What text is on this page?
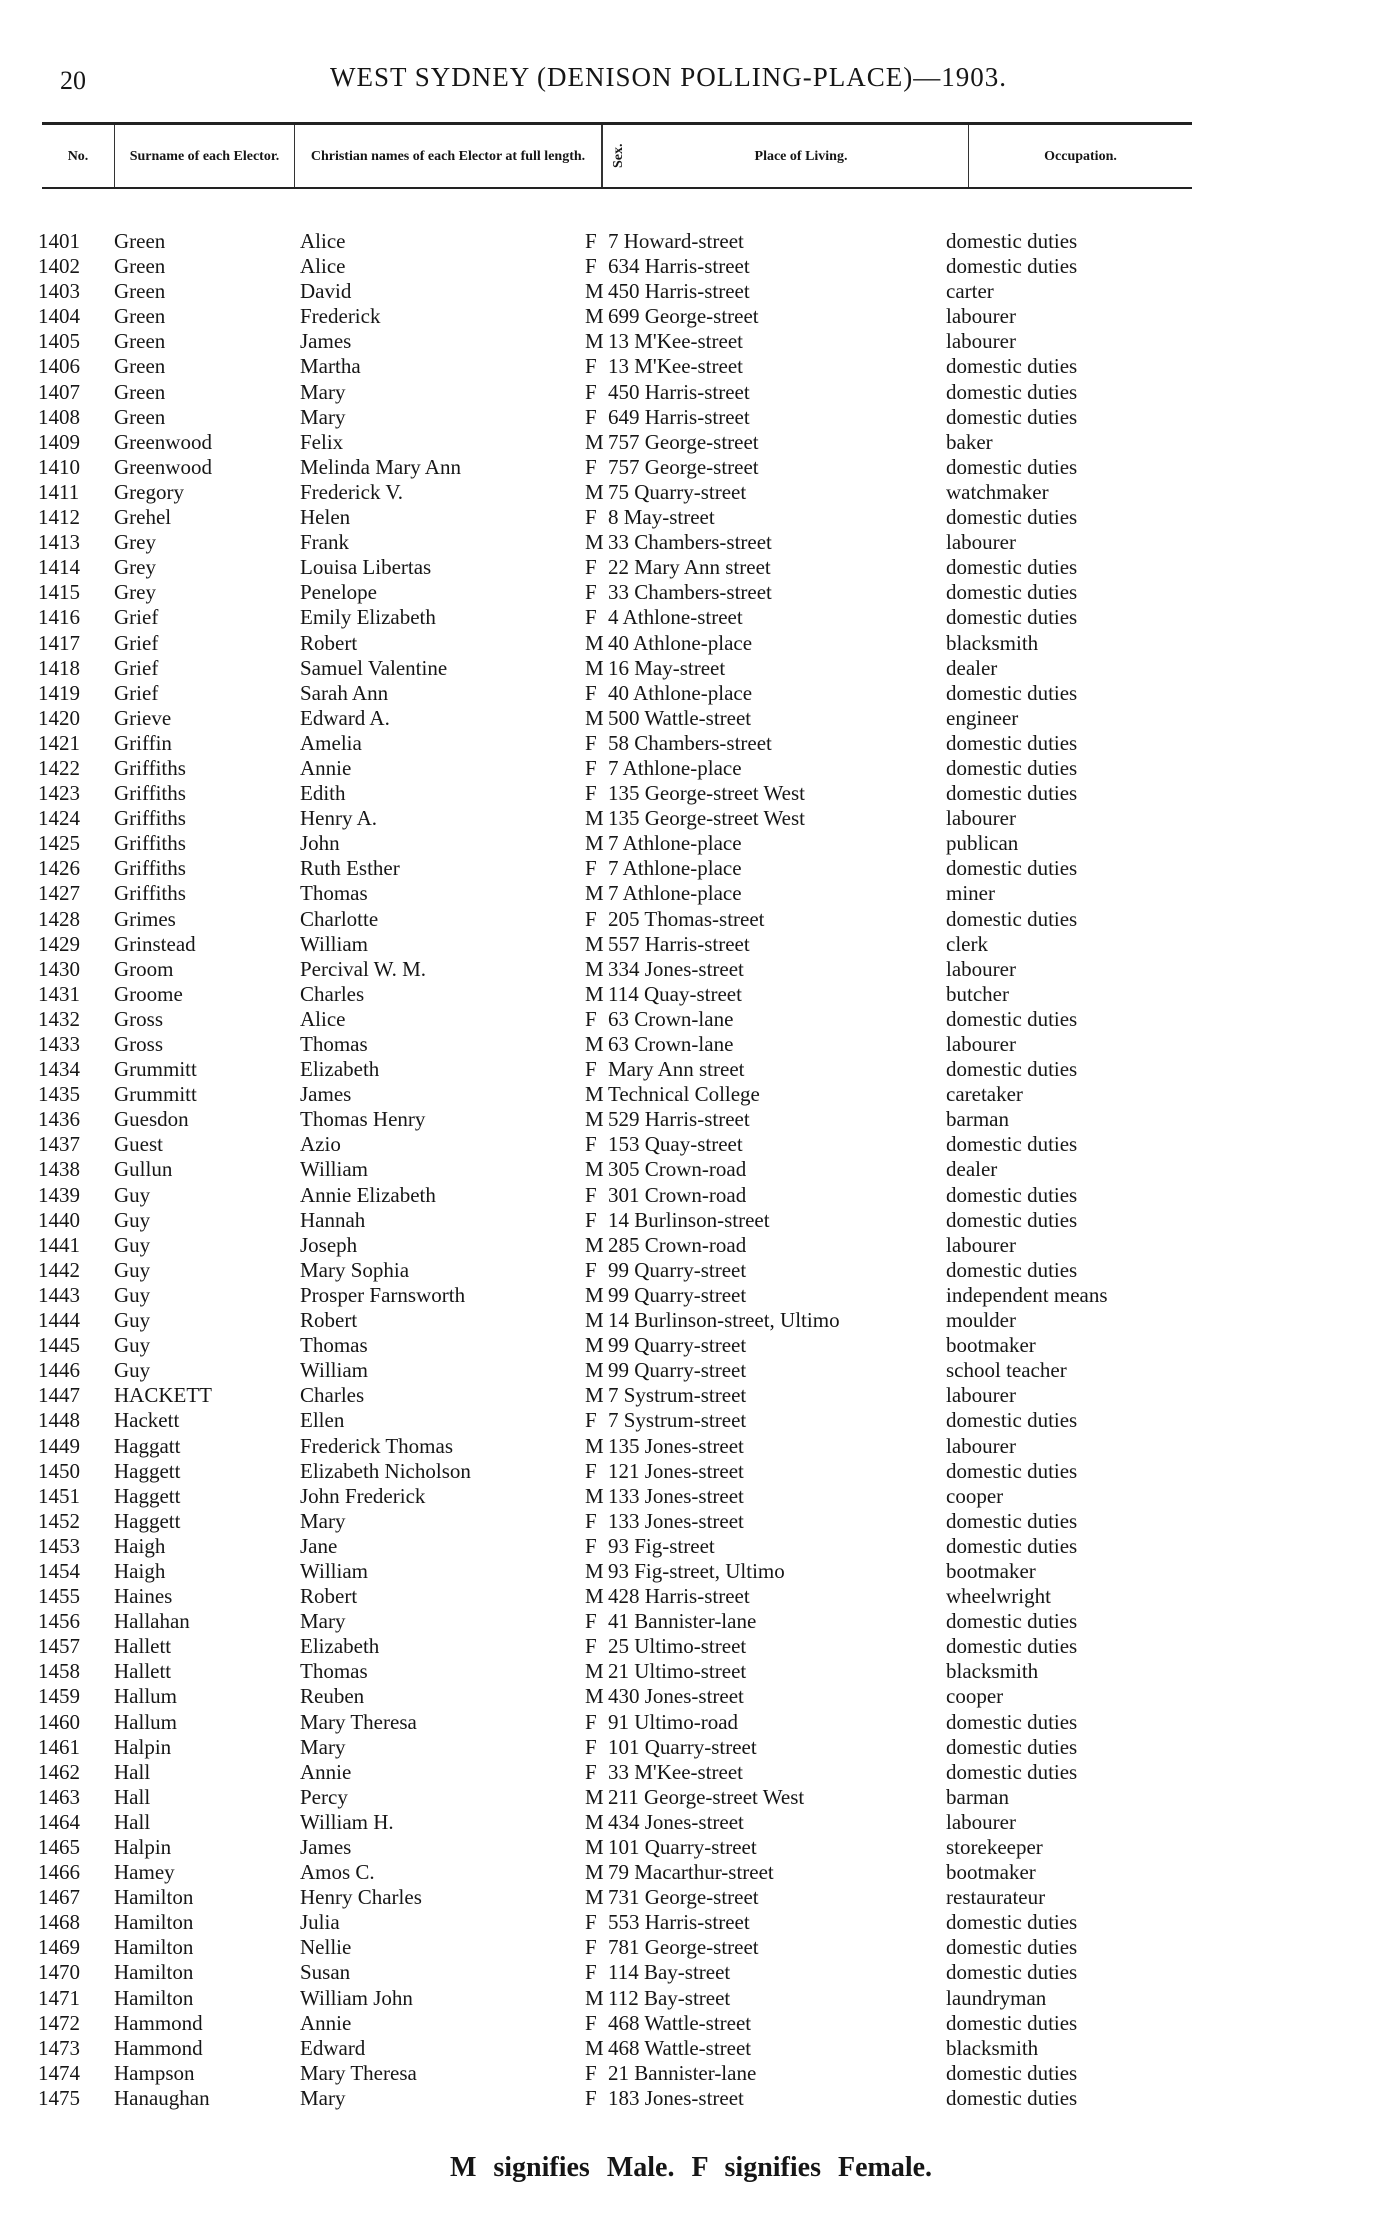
20	WEST SYDNEY (DENISON POLLING-PLACE)—1903.
No.	Surname of each Elector.	Christian names of each Elector at full length.	Sex.	Place of Living.	Occupation.
1401	Green	Alice	F 7 Howard-street	domestic duties
1402	Green	Alice	F 634 Harris-street	domestic duties
1403	Green	David	M 450 Harris-street	carter
1404	Green	Frederick	M 699 George-street	labourer
1405	Green	James	M 13 M'Kee-street	labourer
1406	Green	Martha	F 13 M'Kee-street	domestic duties
1407	Green	Mary	F 450 Harris-street	domestic duties
1408	Green	Mary	F 649 Harris-street	domestic duties
1409	Greenwood	Felix	M 757 George-street	baker
1410	Greenwood	Melinda Mary Ann	F 757 George-street	domestic duties
1411	Gregory	Frederick V.	M 75 Quarry-street	watchmaker
1412	Grehel	Helen	F 8 May-street	domestic duties
1413	Grey	Frank	M 33 Chambers-street	labourer
1414	Grey	Louisa Libertas	F 22 Mary Ann street	domestic duties
1415	Grey	Penelope	F 33 Chambers-street	domestic duties
1416	Grief	Emily Elizabeth	F 4 Athlone-street	domestic duties
1417	Grief	Robert	M 40 Athlone-place	blacksmith
1418	Grief	Samuel Valentine	M 16 May-street	dealer
1419	Grief	Sarah Ann	F 40 Athlone-place	domestic duties
1420	Grieve	Edward A.	M 500 Wattle-street	engineer
1421	Griffin	Amelia	F 58 Chambers-street	domestic duties
1422	Griffiths	Annie	F 7 Athlone-place	domestic duties
1423	Griffiths	Edith	F 135 George-street West	domestic duties
1424	Griffiths	Henry A.	M 135 George-street West	labourer
1425	Griffiths	John	M 7 Athlone-place	publican
1426	Griffiths	Ruth Esther	F 7 Athlone-place	domestic duties
1427	Griffiths	Thomas	M 7 Athlone-place	miner
1428	Grimes	Charlotte	F 205 Thomas-street	domestic duties
1429	Grinstead	William	M 557 Harris-street	clerk
1430	Groom	Percival W. M.	M 334 Jones-street	labourer
1431	Groome	Charles	M 114 Quay-street	butcher
1432	Gross	Alice	F 63 Crown-lane	domestic duties
1433	Gross	Thomas	M 63 Crown-lane	labourer
1434	Grummitt	Elizabeth	F Mary Ann street	domestic duties
1435	Grummitt	James	M Technical College	caretaker
1436	Guesdon	Thomas Henry	M 529 Harris-street	barman
1437	Guest	Azio	F 153 Quay-street	domestic duties
1438	Gullun	William	M 305 Crown-road	dealer
1439	Guy	Annie Elizabeth	F 301 Crown-road	domestic duties
1440	Guy	Hannah	F 14 Burlinson-street	domestic duties
1441	Guy	Joseph	M 285 Crown-road	labourer
1442	Guy	Mary Sophia	F 99 Quarry-street	domestic duties
1443	Guy	Prosper Farnsworth	M 99 Quarry-street	independent means
1444	Guy	Robert	M 14 Burlinson-street, Ultimo	moulder
1445	Guy	Thomas	M 99 Quarry-street	bootmaker
1446	Guy	William	M 99 Quarry-street	school teacher
1447	HACKETT	Charles	M 7 Systrum-street	labourer
1448	Hackett	Ellen	F 7 Systrum-street	domestic duties
1449	Haggatt	Frederick Thomas	M 135 Jones-street	labourer
1450	Haggett	Elizabeth Nicholson	F 121 Jones-street	domestic duties
1451	Haggett	John Frederick	M 133 Jones-street	cooper
1452	Haggett	Mary	F 133 Jones-street	domestic duties
1453	Haigh	Jane	F 93 Fig-street	domestic duties
1454	Haigh	William	M 93 Fig-street, Ultimo	bootmaker
1455	Haines	Robert	M 428 Harris-street	wheelwright
1456	Hallahan	Mary	F 41 Bannister-lane	domestic duties
1457	Hallett	Elizabeth	F 25 Ultimo-street	domestic duties
1458	Hallett	Thomas	M 21 Ultimo-street	blacksmith
1459	Hallum	Reuben	M 430 Jones-street	cooper
1460	Hallum	Mary Theresa	F 91 Ultimo-road	domestic duties
1461	Halpin	Mary	F 101 Quarry-street	domestic duties
1462	Hall	Annie	F 33 M'Kee-street	domestic duties
1463	Hall	Percy	M 211 George-street West	barman
1464	Hall	William H.	M 434 Jones-street	labourer
1465	Halpin	James	M 101 Quarry-street	storekeeper
1466	Hamey	Amos C.	M 79 Macarthur-street	bootmaker
1467	Hamilton	Henry Charles	M 731 George-street	restaurateur
1468	Hamilton	Julia	F 553 Harris-street	domestic duties
1469	Hamilton	Nellie	F 781 George-street	domestic duties
1470	Hamilton	Susan	F 114 Bay-street	domestic duties
1471	Hamilton	William John	M 112 Bay-street	laundryman
1472	Hammond	Annie	F 468 Wattle-street	domestic duties
1473	Hammond	Edward	M 468 Wattle-street	blacksmith
1474	Hampson	Mary Theresa	F 21 Bannister-lane	domestic duties
1475	Hanaughan	Mary	F 183 Jones-street	domestic duties
M signifies Male. F signifies Female.
